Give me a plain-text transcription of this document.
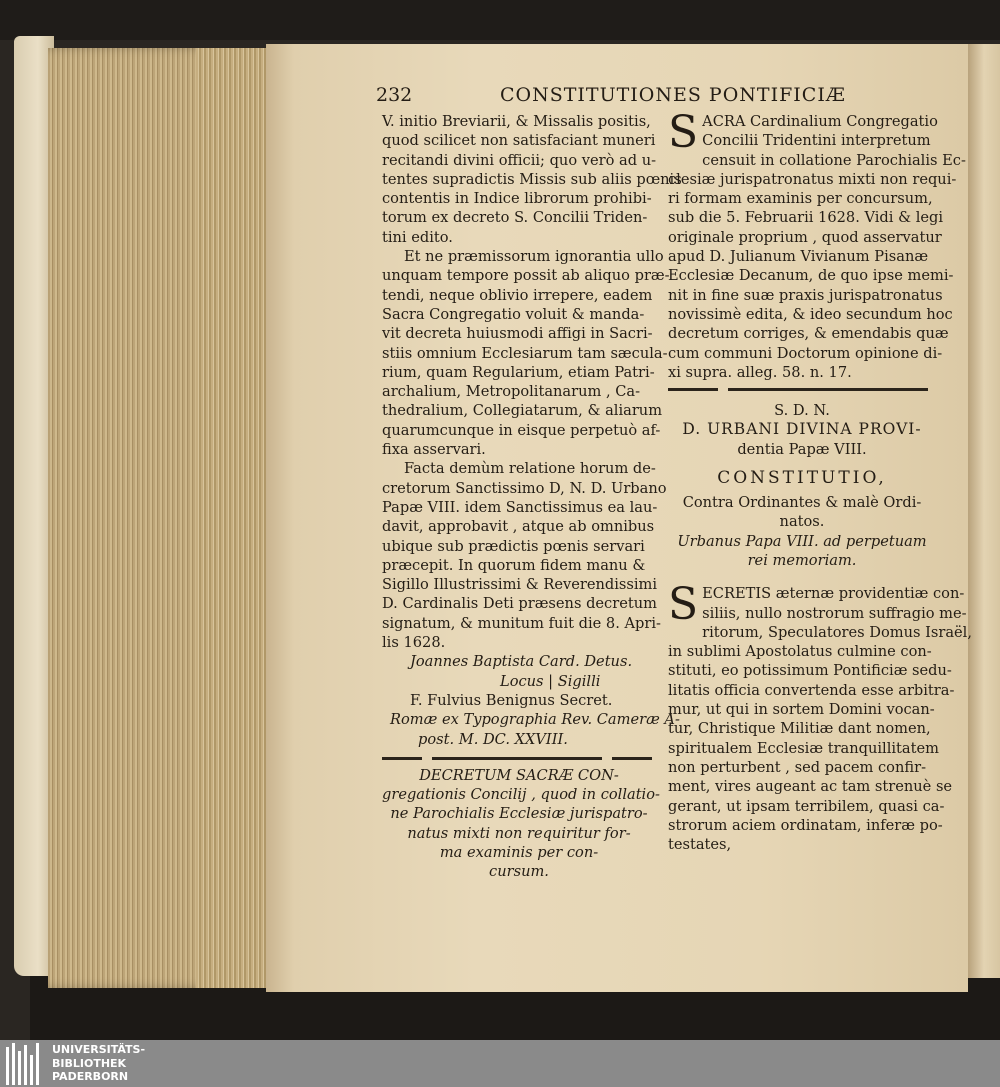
232	CONSTITUTIONES PONTIFICIÆ
V. initio Breviarii, & Missalis positis,
quod scilicet non satisfaciant muneri
recitandi divini officii; quo verò ad u-
tentes supradictis Missis sub aliis pœnis
contentis in Indice librorum prohibi-
torum ex decreto S. Concilii Triden-
tini edito.
Et ne præmissorum ignorantia ullo
unquam tempore possit ab aliquo præ-
tendi, neque oblivio irrepere, eadem
Sacra Congregatio voluit & manda-
vit decreta huiusmodi affigi in Sacri-
stiis omnium Ecclesiarum tam sæcula-
rium, quam Regularium, etiam Patri-
archalium, Metropolitanarum , Ca-
thedralium, Collegiatarum, & aliarum
quarumcunque in eisque perpetuò af-
fixa asservari.
Facta demùm relatione horum de-
cretorum Sanctissimo D, N. D. Urbano
Papæ VIII. idem Sanctissimus ea lau-
davit, approbavit , atque ab omnibus
ubique sub prædictis pœnis servari
præcepit. In quorum fidem manu &
Sigillo Illustrissimi & Reverendissimi
D. Cardinalis Deti præsens decretum
signatum, & munitum fuit die 8. Apri-
lis 1628.
Joannes Baptista Card. Detus.
Locus | Sigilli
F. Fulvius Benignus Secret.
Romæ ex Typographia Rev. Cameræ A-
post. M. DC. XXVIII.
DECRETUM SACRÆ CON-
gregationis Concilij , quod in collatio-
ne Parochialis Ecclesiæ jurispatro-
natus mixti non requiritur for-
ma examinis per con-
cursum.
S ACRA Cardinalium Congregatio
Concilii Tridentini interpretum
censuit in collatione Parochialis Ec-
clesiæ jurispatronatus mixti non requi-
ri formam examinis per concursum,
sub die 5. Februarii 1628. Vidi & legi
originale proprium , quod asservatur
apud D. Julianum Vivianum Pisanæ
Ecclesiæ Decanum, de quo ipse memi-
nit in fine suæ praxis jurispatronatus
novissimè edita, & ideo secundum hoc
decretum corriges, & emendabis quæ
cum communi Doctorum opinione di-
xi supra. alleg. 58. n. 17.
S. D. N.
D. URBANI DIVINA PROVI-
dentia Papæ VIII.
CONSTITUTIO,
Contra Ordinantes & malè Ordi-
natos.
Urbanus Papa VIII. ad perpetuam
rei memoriam.
S ECRETIS æternæ providentiæ con-
siliis, nullo nostrorum suffragio me-
ritorum, Speculatores Domus Israël,
in sublimi Apostolatus culmine con-
stituti, eo potissimum Pontificiæ sedu-
litatis officia convertenda esse arbitra-
mur, ut qui in sortem Domini vocan-
tur, Christique Militiæ dant nomen,
spiritualem Ecclesiæ tranquillitatem
non perturbent , sed pacem confir-
ment, vires augeant ac tam strenuè se
gerant, ut ipsam terribilem, quasi ca-
strorum aciem ordinatam, inferæ po-
testates,
UNIVERSITÄTS-
BIBLIOTHEK
PADERBORN
